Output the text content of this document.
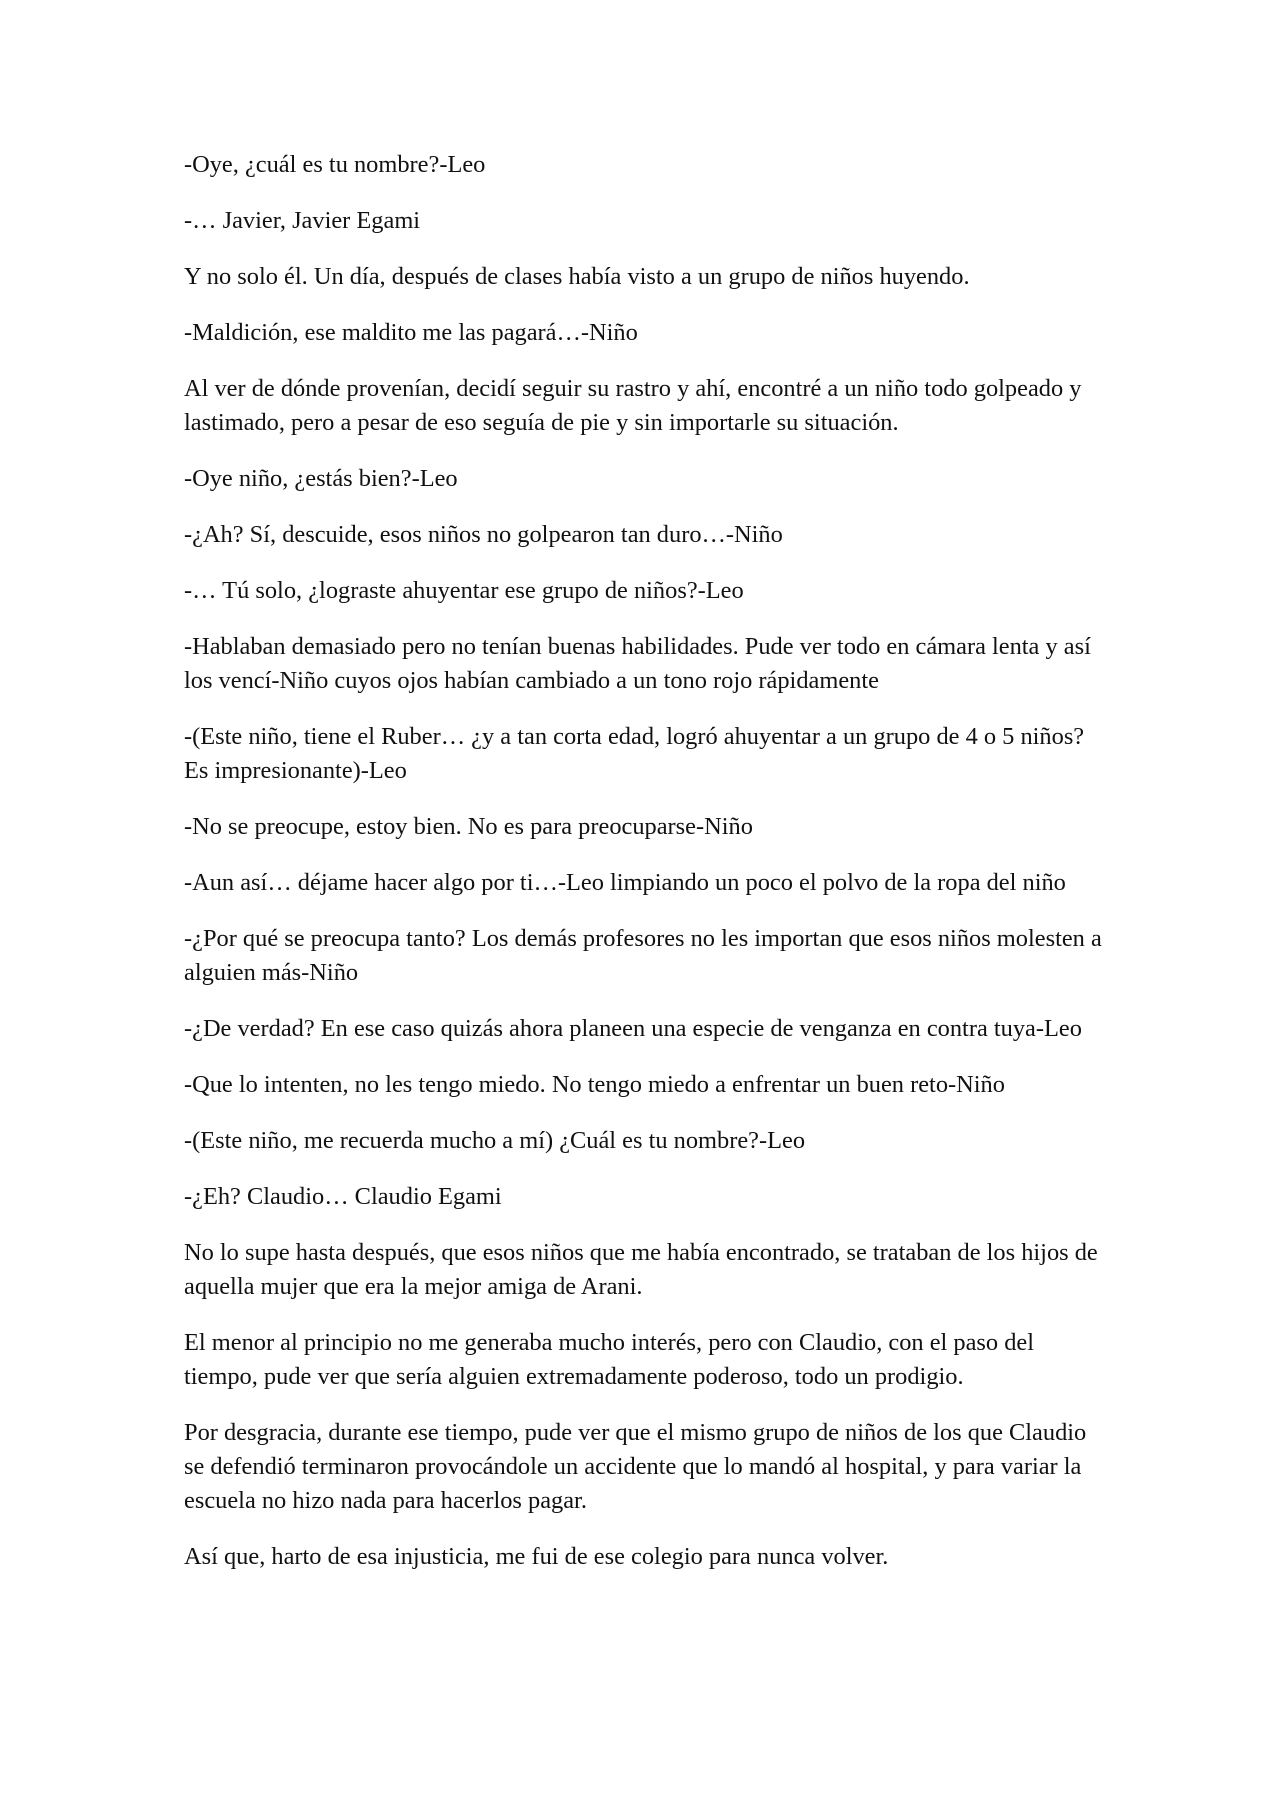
-Oye, ¿cuál es tu nombre?-Leo

-… Javier, Javier Egami

Y no solo él. Un día, después de clases había visto a un grupo de niños huyendo.

-Maldición, ese maldito me las pagará…-Niño

Al ver de dónde provenían, decidí seguir su rastro y ahí, encontré a un niño todo golpeado y lastimado, pero a pesar de eso seguía de pie y sin importarle su situación.

-Oye niño, ¿estás bien?-Leo

-¿Ah? Sí, descuide, esos niños no golpearon tan duro…-Niño

-… Tú solo, ¿lograste ahuyentar ese grupo de niños?-Leo

-Hablaban demasiado pero no tenían buenas habilidades. Pude ver todo en cámara lenta y así los vencí-Niño cuyos ojos habían cambiado a un tono rojo rápidamente

-(Este niño, tiene el Ruber… ¿y a tan corta edad, logró ahuyentar a un grupo de 4 o 5 niños? Es impresionante)-Leo

-No se preocupe, estoy bien. No es para preocuparse-Niño

-Aun así… déjame hacer algo por ti…-Leo limpiando un poco el polvo de la ropa del niño

-¿Por qué se preocupa tanto? Los demás profesores no les importan que esos niños molesten a alguien más-Niño

-¿De verdad? En ese caso quizás ahora planeen una especie de venganza en contra tuya-Leo

-Que lo intenten, no les tengo miedo. No tengo miedo a enfrentar un buen reto-Niño

-(Este niño, me recuerda mucho a mí) ¿Cuál es tu nombre?-Leo

-¿Eh? Claudio… Claudio Egami

No lo supe hasta después, que esos niños que me había encontrado, se trataban de los hijos de aquella mujer que era la mejor amiga de Arani.

El menor al principio no me generaba mucho interés, pero con Claudio, con el paso del tiempo, pude ver que sería alguien extremadamente poderoso, todo un prodigio.

Por desgracia, durante ese tiempo, pude ver que el mismo grupo de niños de los que Claudio se defendió terminaron provocándole un accidente que lo mandó al hospital, y para variar la escuela no hizo nada para hacerlos pagar.

Así que, harto de esa injusticia, me fui de ese colegio para nunca volver.
